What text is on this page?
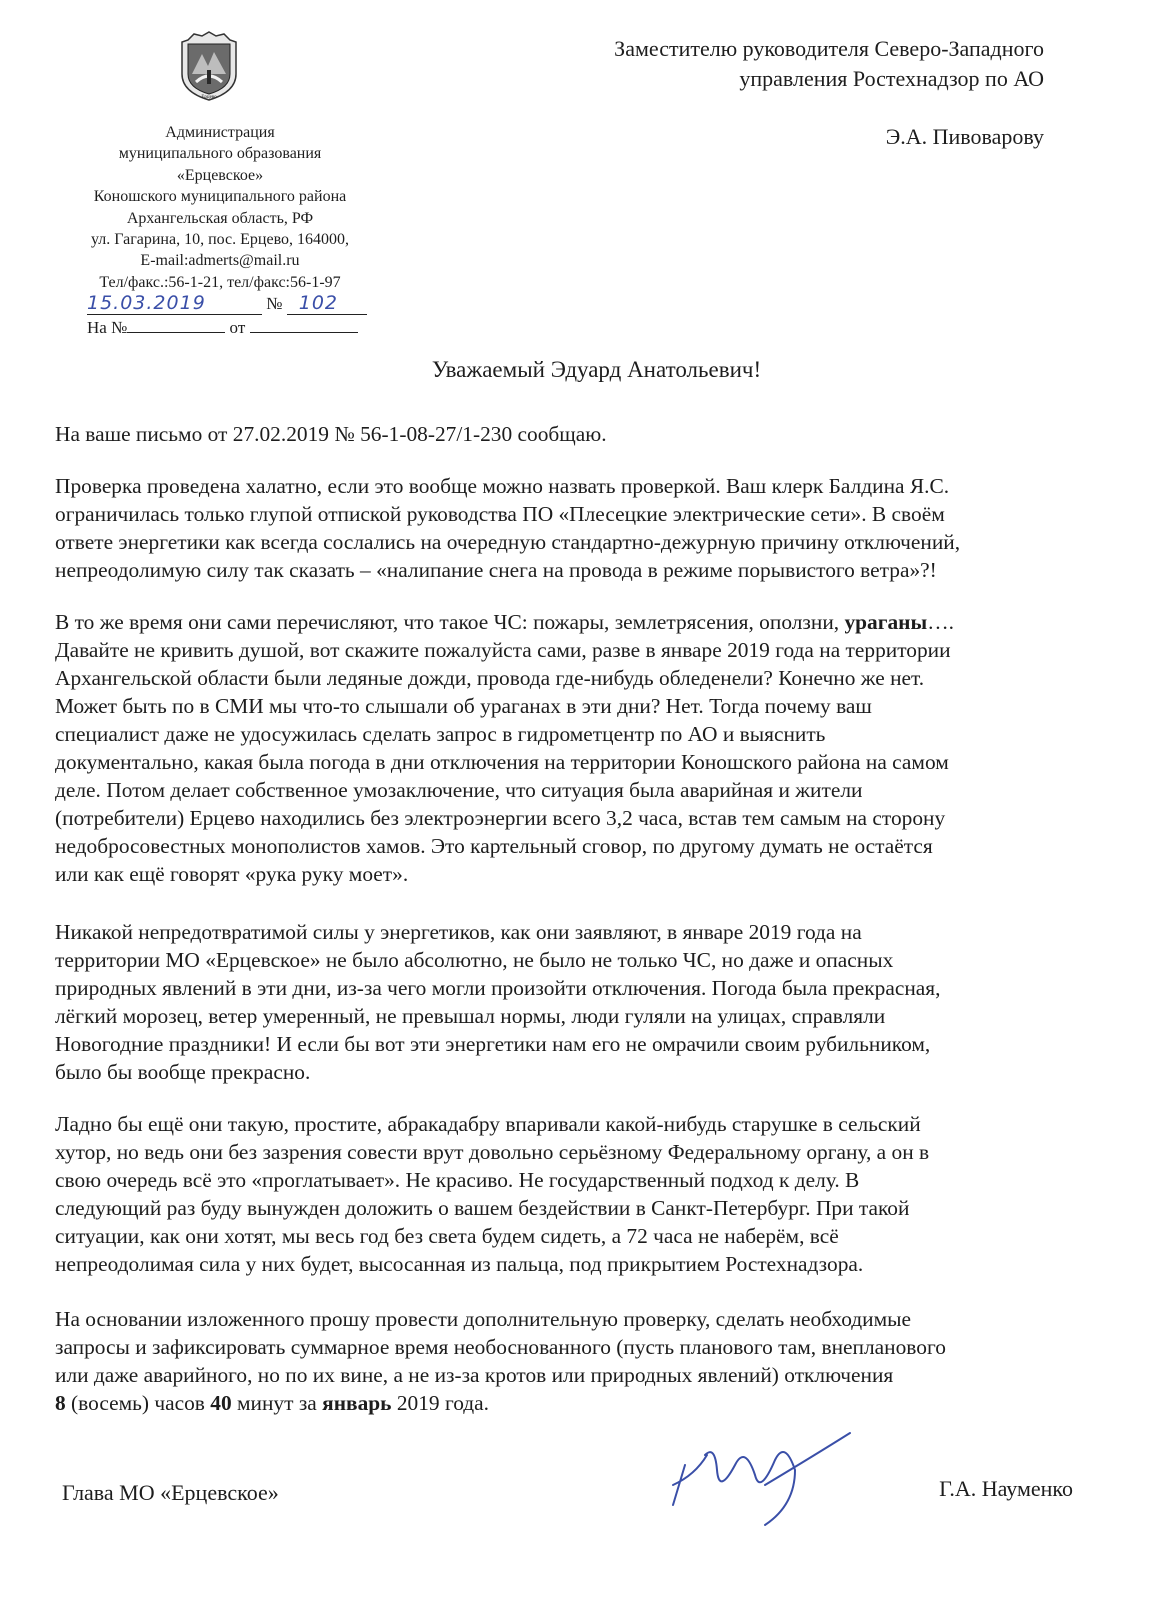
Ерцево
Администрация
муниципального образования
«Ерцевское»
Коношского муниципального района
Архангельская область, РФ
ул. Гагарина, 10, пос. Ерцево, 164000,
E-mail:admerts@mail.ru
Тел/факс.:56-1-21, тел/факс:56-1-97
15.03.2019	№ 102
На №	от
Заместителю руководителя Северо-Западного
управления Ростехнадзор по АО
Э.А. Пивоварову
Уважаемый Эдуард Анатольевич!

На ваше письмо от 27.02.2019 № 56-1-08-27/1-230 сообщаю.

Проверка проведена халатно, если это вообще можно назвать проверкой. Ваш клерк Балдина Я.С.

ограничилась только глупой отпиской руководства ПО «Плесецкие электрические сети». В своём

ответе энергетики как всегда сослались на очередную стандартно-дежурную причину отключений,

непреодолимую силу так сказать – «налипание снега на провода в режиме порывистого ветра»?!

В то же время они сами перечисляют, что такое ЧС: пожары, землетрясения, оползни, ураганы….

Давайте не кривить душой, вот скажите пожалуйста сами, разве в январе 2019 года на территории

Архангельской области были ледяные дожди, провода где-нибудь обледенели? Конечно же нет.

Может быть по в СМИ мы что-то слышали об ураганах в эти дни? Нет. Тогда почему ваш

специалист даже не удосужилась сделать запрос в гидрометцентр по АО и выяснить

документально, какая была погода в дни отключения на территории Коношского района на самом

деле. Потом делает собственное умозаключение, что ситуация была аварийная и жители

(потребители) Ерцево находились без электроэнергии всего 3,2 часа, встав тем самым на сторону

недобросовестных монополистов хамов. Это картельный сговор, по другому думать не остаётся

или как ещё говорят «рука руку моет».

Никакой непредотвратимой силы у энергетиков, как они заявляют, в январе 2019 года на

территории МО «Ерцевское» не было абсолютно, не было не только ЧС, но даже и опасных

природных явлений в эти дни, из-за чего могли произойти отключения. Погода была прекрасная,

лёгкий морозец, ветер умеренный, не превышал нормы, люди гуляли на улицах, справляли

Новогодние праздники! И если бы вот эти энергетики нам его не омрачили своим рубильником,

было бы вообще прекрасно.

Ладно бы ещё они такую, простите, абракадабру впаривали какой-нибудь старушке в сельский

хутор, но ведь они без зазрения совести врут довольно серьёзному Федеральному органу, а он в

свою очередь всё это «проглатывает». Не красиво. Не государственный подход к делу. В

следующий раз буду вынужден доложить о вашем бездействии в Санкт-Петербург. При такой

ситуации, как они хотят, мы весь год без света будем сидеть, а 72 часа не наберём, всё

непреодолимая сила у них будет, высосанная из пальца, под прикрытием Ростехнадзора.

На основании изложенного прошу провести дополнительную проверку, сделать необходимые

запросы и зафиксировать суммарное время необоснованного (пусть планового там, внепланового

или даже аварийного, но по их вине, а не из-за кротов или природных явлений) отключения

8 (восемь) часов 40 минут за январь 2019 года.

Глава МО «Ерцевское»	Г.А. Науменко
